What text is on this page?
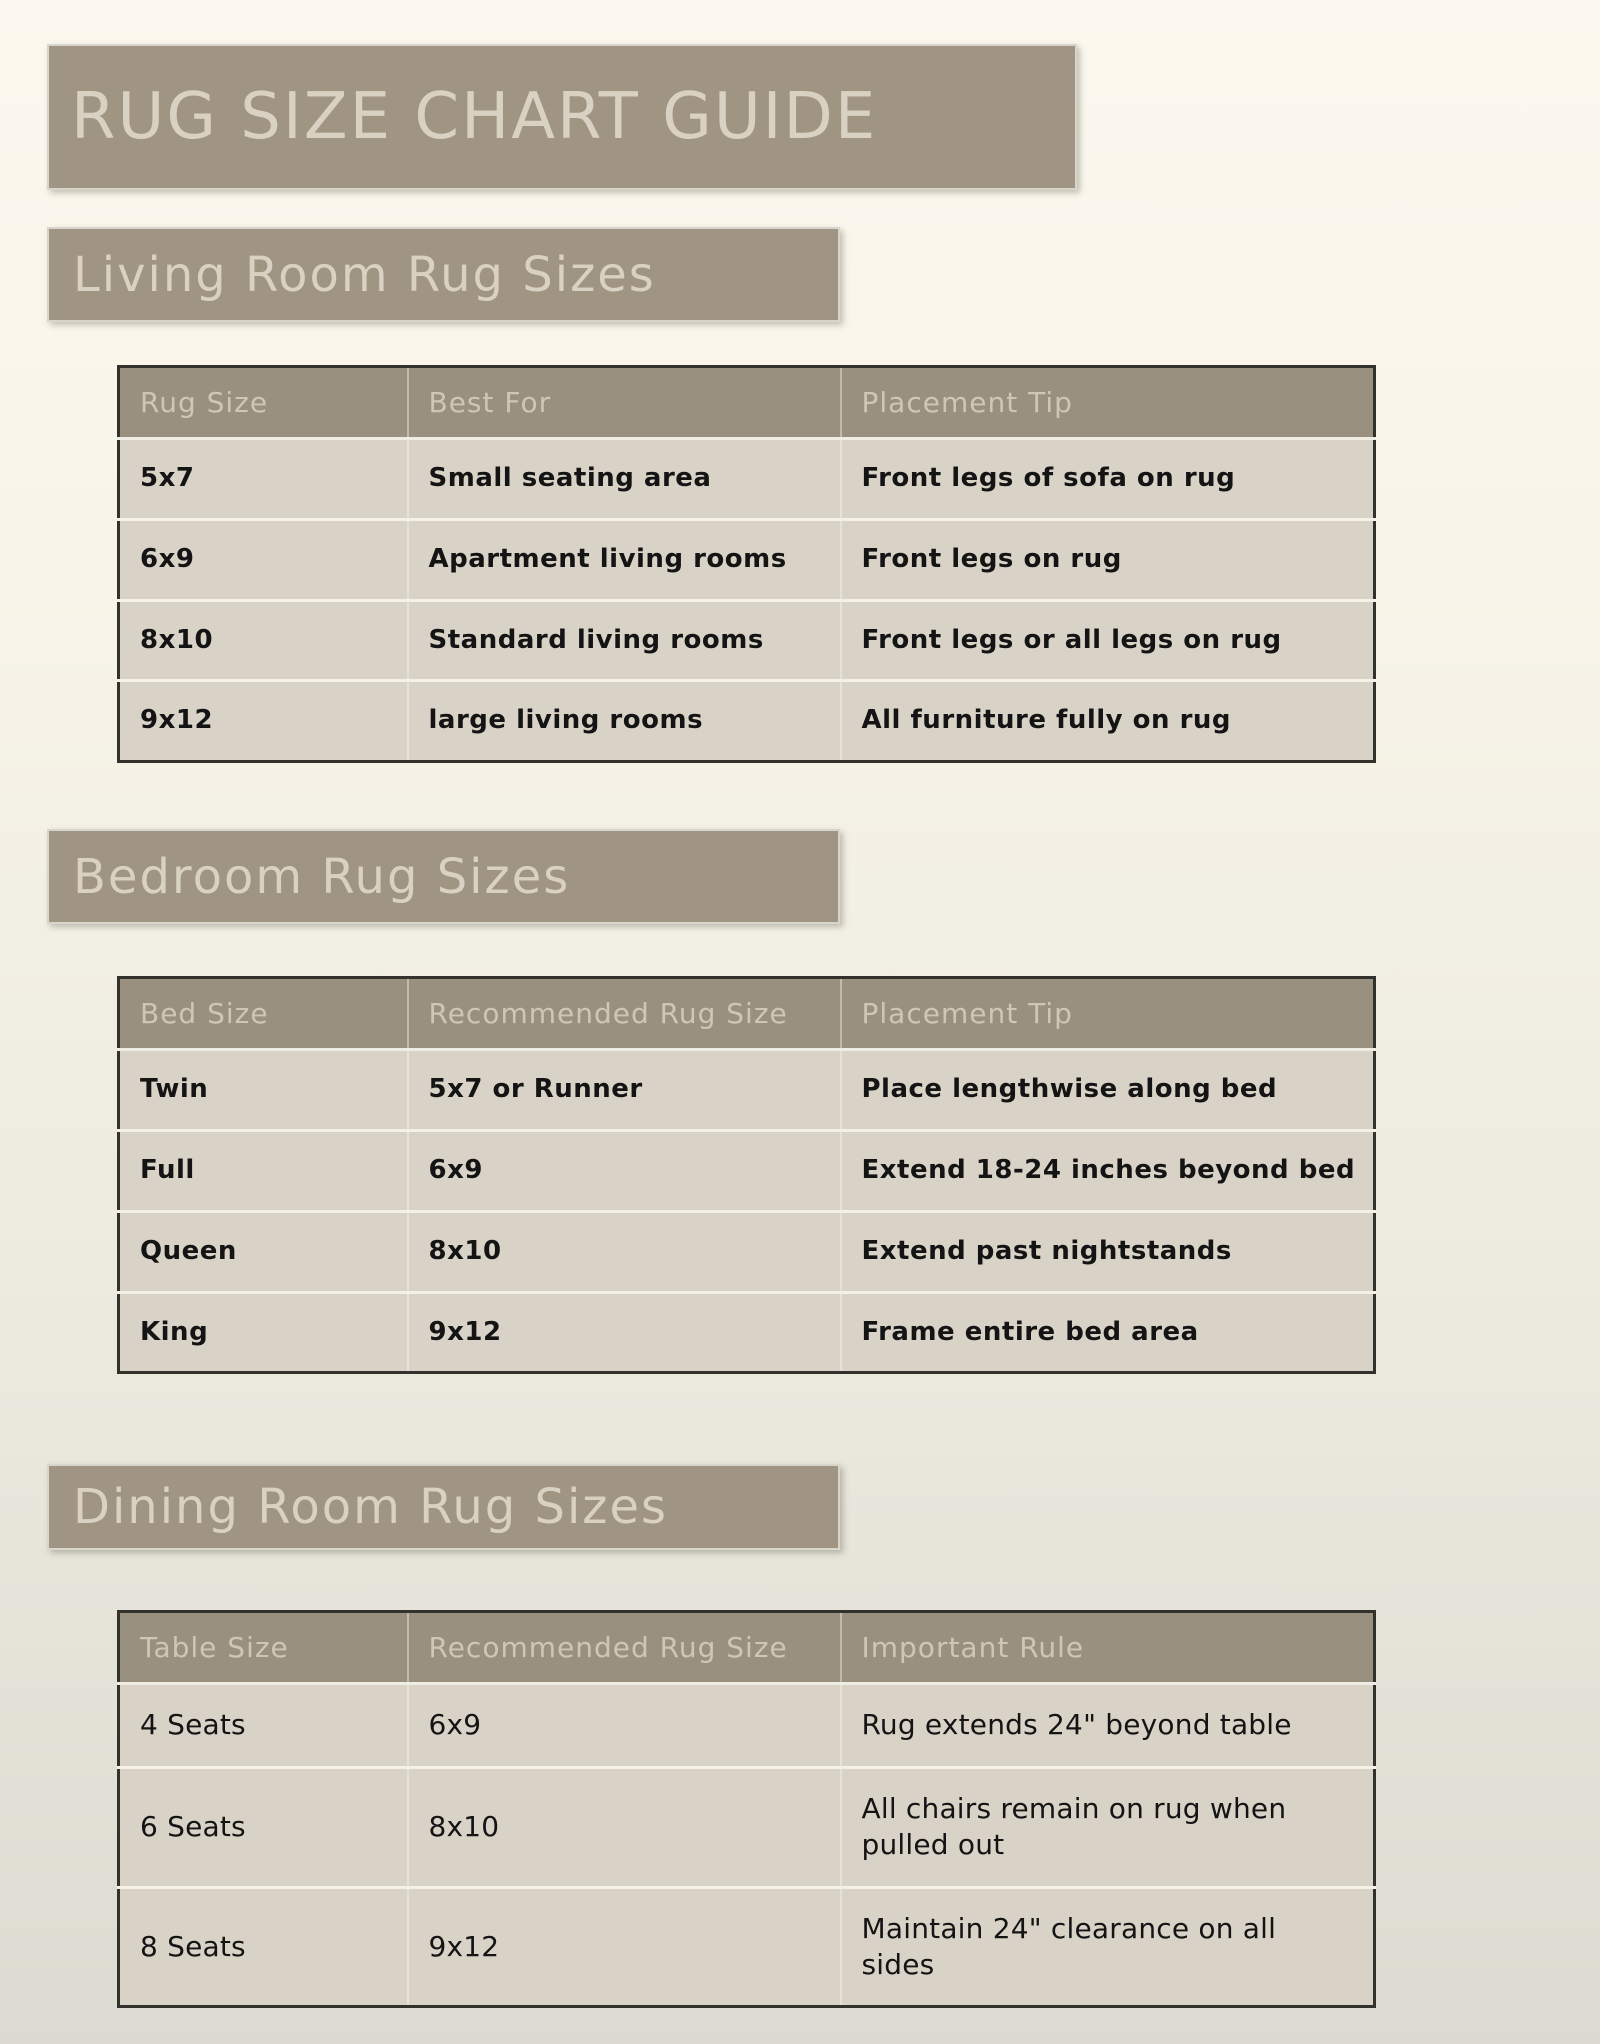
RUG SIZE CHART GUIDE
Living Room Rug Sizes
Rug Size	Best For	Placement Tip
5x7	Small seating area	Front legs of sofa on rug
6x9	Apartment living rooms	Front legs on rug
8x10	Standard living rooms	Front legs or all legs on rug
9x12	large living rooms	All furniture fully on rug
Bedroom Rug Sizes
Bed Size	Recommended Rug Size	Placement Tip
Twin	5x7 or Runner	Place lengthwise along bed
Full	6x9	Extend 18-24 inches beyond bed
Queen	8x10	Extend past nightstands
King	9x12	Frame entire bed area
Dining Room Rug Sizes
Table Size	Recommended Rug Size	Important Rule
4 Seats	6x9	Rug extends 24" beyond table
6 Seats	8x10	All chairs remain on rug when pulled out
8 Seats	9x12	Maintain 24" clearance on all sides
